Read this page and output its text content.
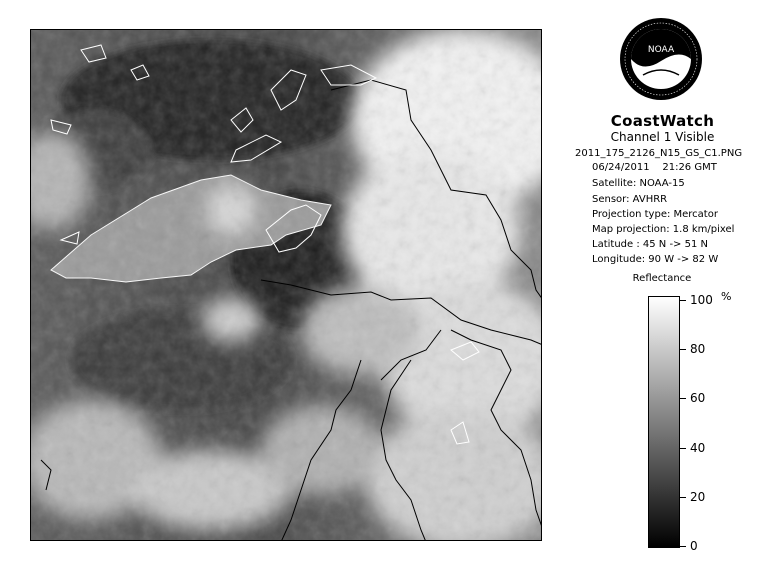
NOAA
CoastWatch
Channel 1 Visible
2011_175_2126_N15_GS_C1.PNG
06/24/2011    21:26 GMT
Satellite: NOAA-15
Sensor: AVHRR
Projection type: Mercator
Map projection: 1.8 km/pixel
Latitude : 45 N -> 51 N
Longitude: 90 W -> 82 W
Reflectance
%
100
80
60
40
20
0
